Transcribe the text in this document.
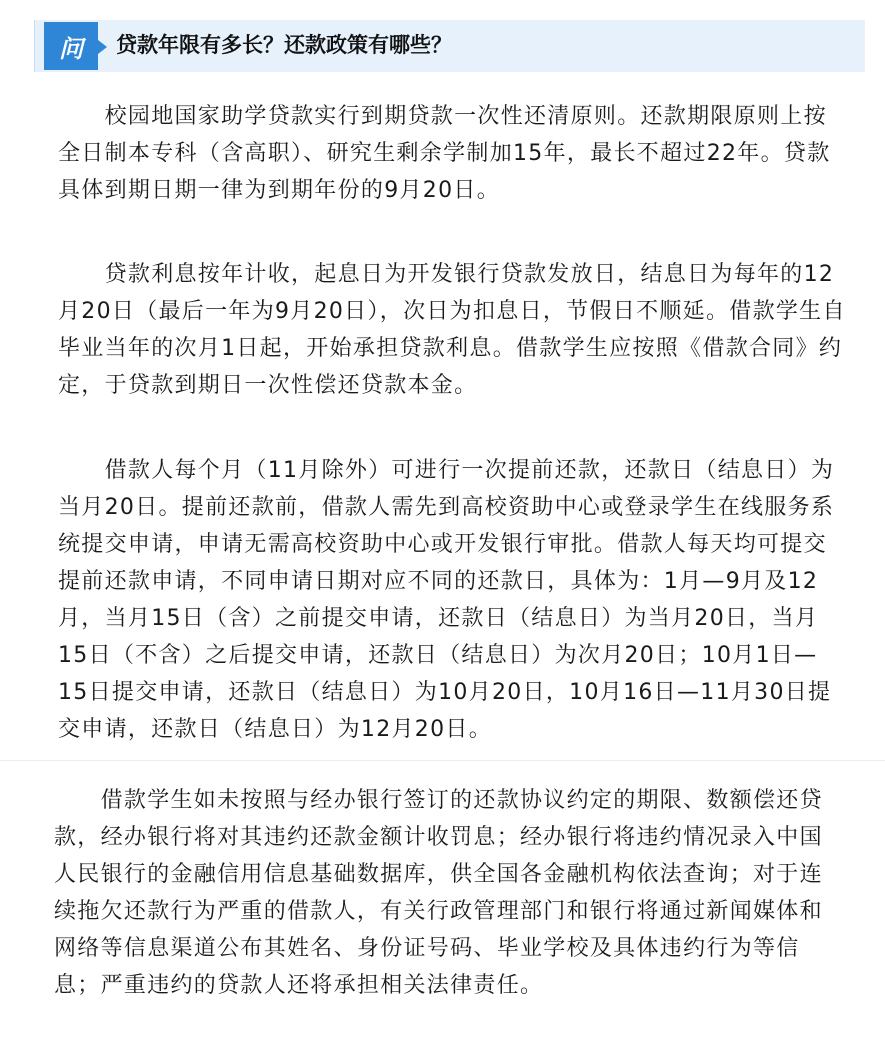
问 贷款年限有多长？还款政策有哪些？

　　校园地国家助学贷款实行到期贷款一次性还清原则。还款期限原则上按全日制本专科（含高职）、研究生剩余学制加15年，最长不超过22年。贷款具体到期日期一律为到期年份的9月20日。

　　贷款利息按年计收，起息日为开发银行贷款发放日，结息日为每年的12月20日（最后一年为9月20日），次日为扣息日，节假日不顺延。借款学生自毕业当年的次月1日起，开始承担贷款利息。借款学生应按照《借款合同》约定，于贷款到期日一次性偿还贷款本金。

　　借款人每个月（11月除外）可进行一次提前还款，还款日（结息日）为当月20日。提前还款前，借款人需先到高校资助中心或登录学生在线服务系统提交申请，申请无需高校资助中心或开发银行审批。借款人每天均可提交提前还款申请，不同申请日期对应不同的还款日，具体为：1月—9月及12月，当月15日（含）之前提交申请，还款日（结息日）为当月20日，当月15日（不含）之后提交申请，还款日（结息日）为次月20日；10月1日—15日提交申请，还款日（结息日）为10月20日，10月16日—11月30日提交申请，还款日（结息日）为12月20日。

　　借款学生如未按照与经办银行签订的还款协议约定的期限、数额偿还贷款，经办银行将对其违约还款金额计收罚息；经办银行将违约情况录入中国人民银行的金融信用信息基础数据库，供全国各金融机构依法查询；对于连续拖欠还款行为严重的借款人，有关行政管理部门和银行将通过新闻媒体和网络等信息渠道公布其姓名、身份证号码、毕业学校及具体违约行为等信息；严重违约的贷款人还将承担相关法律责任。
